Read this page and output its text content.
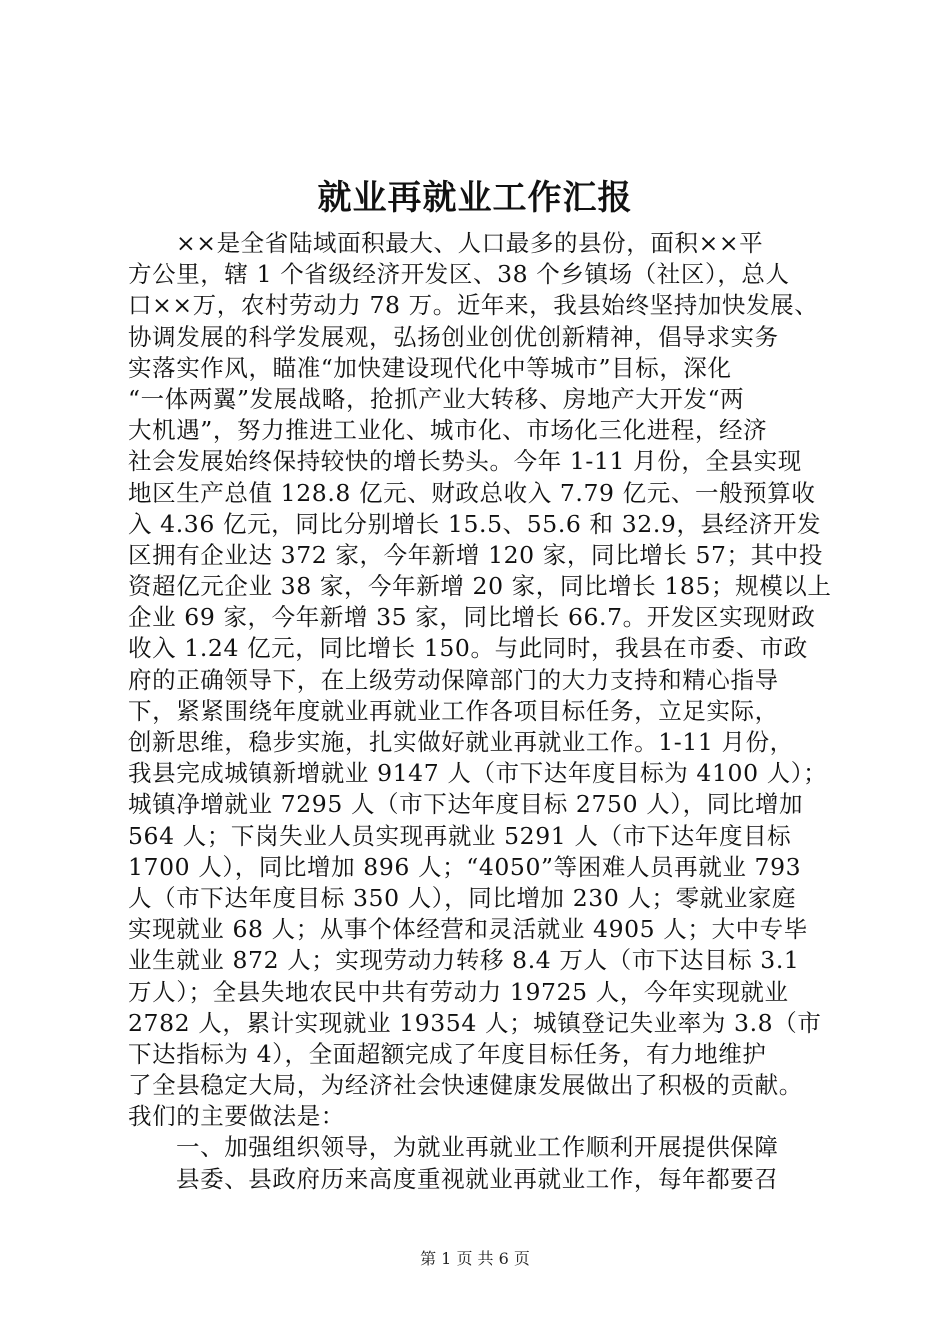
就业再就业工作汇报
××是全省陆域面积最大、人口最多的县份，面积××平
方公里，辖 1 个省级经济开发区、38 个乡镇场（社区），总人
口××万，农村劳动力 78 万。近年来，我县始终坚持加快发展、
协调发展的科学发展观，弘扬创业创优创新精神，倡导求实务
实落实作风，瞄准“加快建设现代化中等城市”目标，深化
“一体两翼”发展战略，抢抓产业大转移、房地产大开发“两
大机遇”，努力推进工业化、城市化、市场化三化进程，经济
社会发展始终保持较快的增长势头。今年 1-11 月份，全县实现
地区生产总值 128.8 亿元、财政总收入 7.79 亿元、一般预算收
入 4.36 亿元，同比分别增长 15.5、55.6 和 32.9，县经济开发
区拥有企业达 372 家，今年新增 120 家，同比增长 57；其中投
资超亿元企业 38 家，今年新增 20 家，同比增长 185；规模以上
企业 69 家，今年新增 35 家，同比增长 66.7。开发区实现财政
收入 1.24 亿元，同比增长 150。与此同时，我县在市委、市政
府的正确领导下，在上级劳动保障部门的大力支持和精心指导
下，紧紧围绕年度就业再就业工作各项目标任务，立足实际，
创新思维，稳步实施，扎实做好就业再就业工作。1-11 月份，
我县完成城镇新增就业 9147 人（市下达年度目标为 4100 人）；
城镇净增就业 7295 人（市下达年度目标 2750 人），同比增加
564 人；下岗失业人员实现再就业 5291 人（市下达年度目标
1700 人），同比增加 896 人；“4050”等困难人员再就业 793
人（市下达年度目标 350 人），同比增加 230 人；零就业家庭
实现就业 68 人；从事个体经营和灵活就业 4905 人；大中专毕
业生就业 872 人；实现劳动力转移 8.4 万人（市下达目标 3.1
万人）；全县失地农民中共有劳动力 19725 人，今年实现就业
2782 人，累计实现就业 19354 人；城镇登记失业率为 3.8（市
下达指标为 4），全面超额完成了年度目标任务，有力地维护
了全县稳定大局，为经济社会快速健康发展做出了积极的贡献。
我们的主要做法是：
一、加强组织领导，为就业再就业工作顺利开展提供保障
县委、县政府历来高度重视就业再就业工作，每年都要召
第 1 页 共 6 页
